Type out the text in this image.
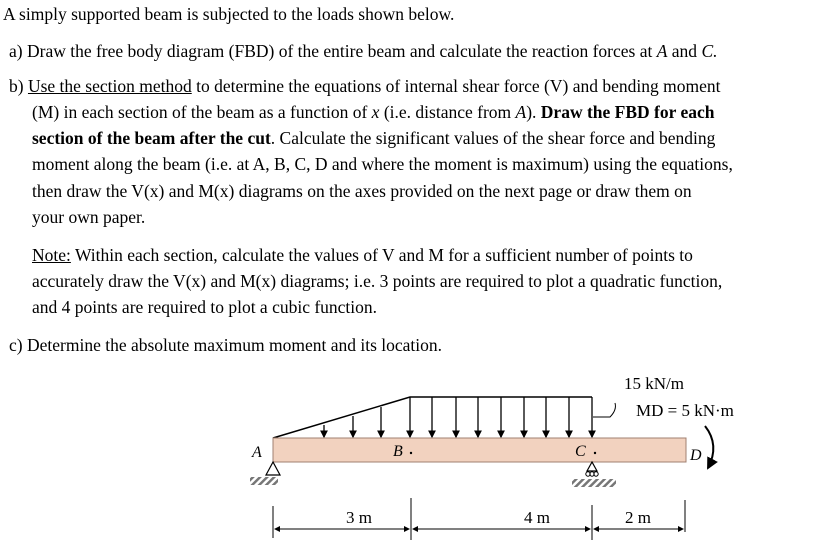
A simply supported beam is subjected to the loads shown below.
a) Draw the free body diagram (FBD) of the entire beam and calculate the reaction forces at A and C.
b) Use the section method to determine the equations of internal shear force (V) and bending moment
(M) in each section of the beam as a function of x (i.e. distance from A). Draw the FBD for each
section of the beam after the cut. Calculate the significant values of the shear force and bending
moment along the beam (i.e. at A, B, C, D and where the moment is maximum) using the equations,
then draw the V(x) and M(x) diagrams on the axes provided on the next page or draw them on
your own paper.
Note: Within each section, calculate the values of V and M for a sufficient number of points to
accurately draw the V(x) and M(x) diagrams; i.e. 3 points are required to plot a quadratic function,
and 4 points are required to plot a cubic function.
c) Determine the absolute maximum moment and its location.
15 kN/m
MD = 5 kN·m
A	B	C	D
3 m	4 m	2 m
